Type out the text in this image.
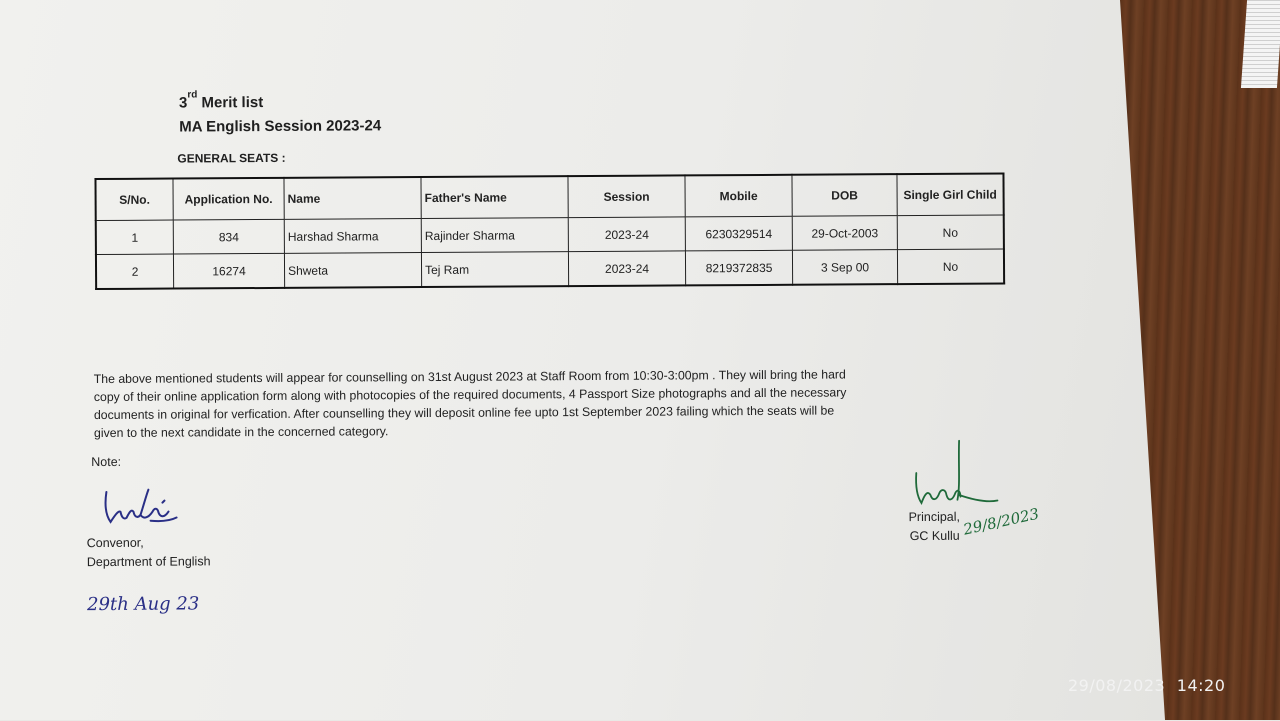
3rd Merit list
MA English Session 2023-24
GENERAL SEATS :
S/No.	Application No.	Name	Father's Name	Session	Mobile	DOB	Single Girl Child
1	834	Harshad Sharma	Rajinder Sharma	2023-24	6230329514	29-Oct-2003	No
2	16274	Shweta	Tej Ram	2023-24	8219372835	3 Sep 00	No
The above mentioned students will appear for counselling on 31st August 2023 at Staff Room from 10:30-3:00pm . They will bring the hard
copy of their online application form along with photocopies of the required documents, 4 Passport Size photographs and all the necessary
documents in original for verfication. After counselling they will deposit online fee upto 1st September 2023 failing which the seats will be
given to the next candidate in the concerned category.
Note:
Convenor,
Department of English
Principal,
GC Kullu
29th Aug 23
29/8/2023
29/08/2023 14:20
